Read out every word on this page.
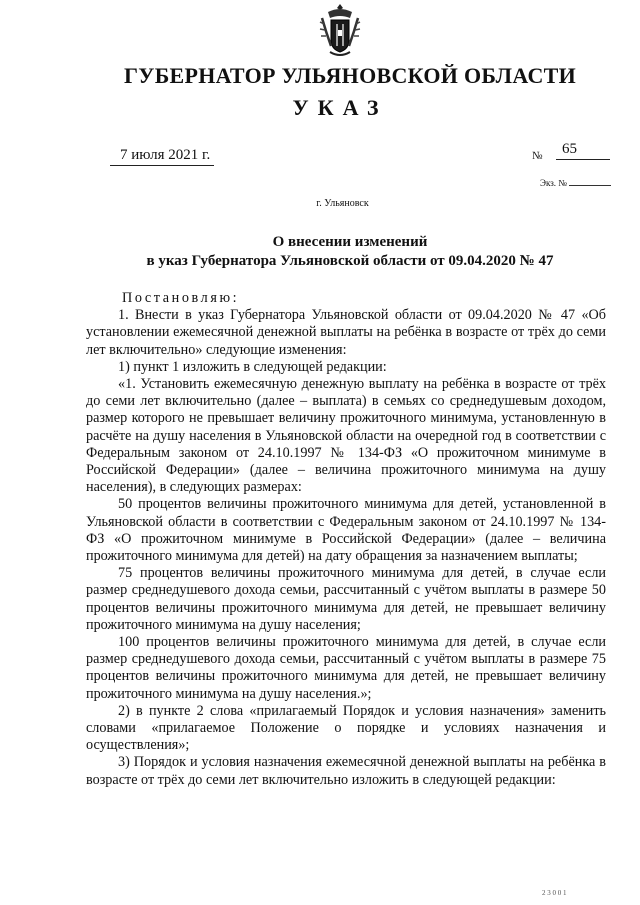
ГУБЕРНАТОР УЛЬЯНОВСКОЙ ОБЛАСТИ
УКАЗ
7 июля 2021 г.	№	65
Экз. №
г. Ульяновск
О внесении изменений
в указ Губернатора Ульяновской области от 09.04.2020 № 47

Постановляю:

1. Внести в указ Губернатора Ульяновской области от 09.04.2020 № 47 «Об установлении ежемесячной денежной выплаты на ребёнка в возрасте от трёх до семи лет включительно» следующие изменения:

1) пункт 1 изложить в следующей редакции:

«1. Установить ежемесячную денежную выплату на ребёнка в возрасте от трёх до семи лет включительно (далее – выплата) в семьях со среднедушевым доходом, размер которого не превышает величину прожиточного минимума, установленную в расчёте на душу населения в Ульяновской области на очередной год в соответствии с Федеральным законом от 24.10.1997 № 134-ФЗ «О прожиточном минимуме в Российской Федерации» (далее – величина прожиточного минимума на душу населения), в следующих размерах:

50 процентов величины прожиточного минимума для детей, установленной в Ульяновской области в соответствии с Федеральным законом от 24.10.1997 № 134-ФЗ «О прожиточном минимуме в Российской Федерации» (далее – величина прожиточного минимума для детей) на дату обращения за назначением выплаты;

75 процентов величины прожиточного минимума для детей, в случае если размер среднедушевого дохода семьи, рассчитанный с учётом выплаты в размере 50 процентов величины прожиточного минимума для детей, не превышает величину прожиточного минимума на душу населения;

100 процентов величины прожиточного минимума для детей, в случае если размер среднедушевого дохода семьи, рассчитанный с учётом выплаты в размере 75 процентов величины прожиточного минимума для детей, не превышает величину прожиточного минимума на душу населения.»;

2) в пункте 2 слова «прилагаемый Порядок и условия назначения» заменить словами «прилагаемое Положение о порядке и условиях назначения и осуществления»;

3) Порядок и условия назначения ежемесячной денежной выплаты на ребёнка в возрасте от трёх до семи лет включительно изложить в следующей редакции:

2 3 0 0 1
